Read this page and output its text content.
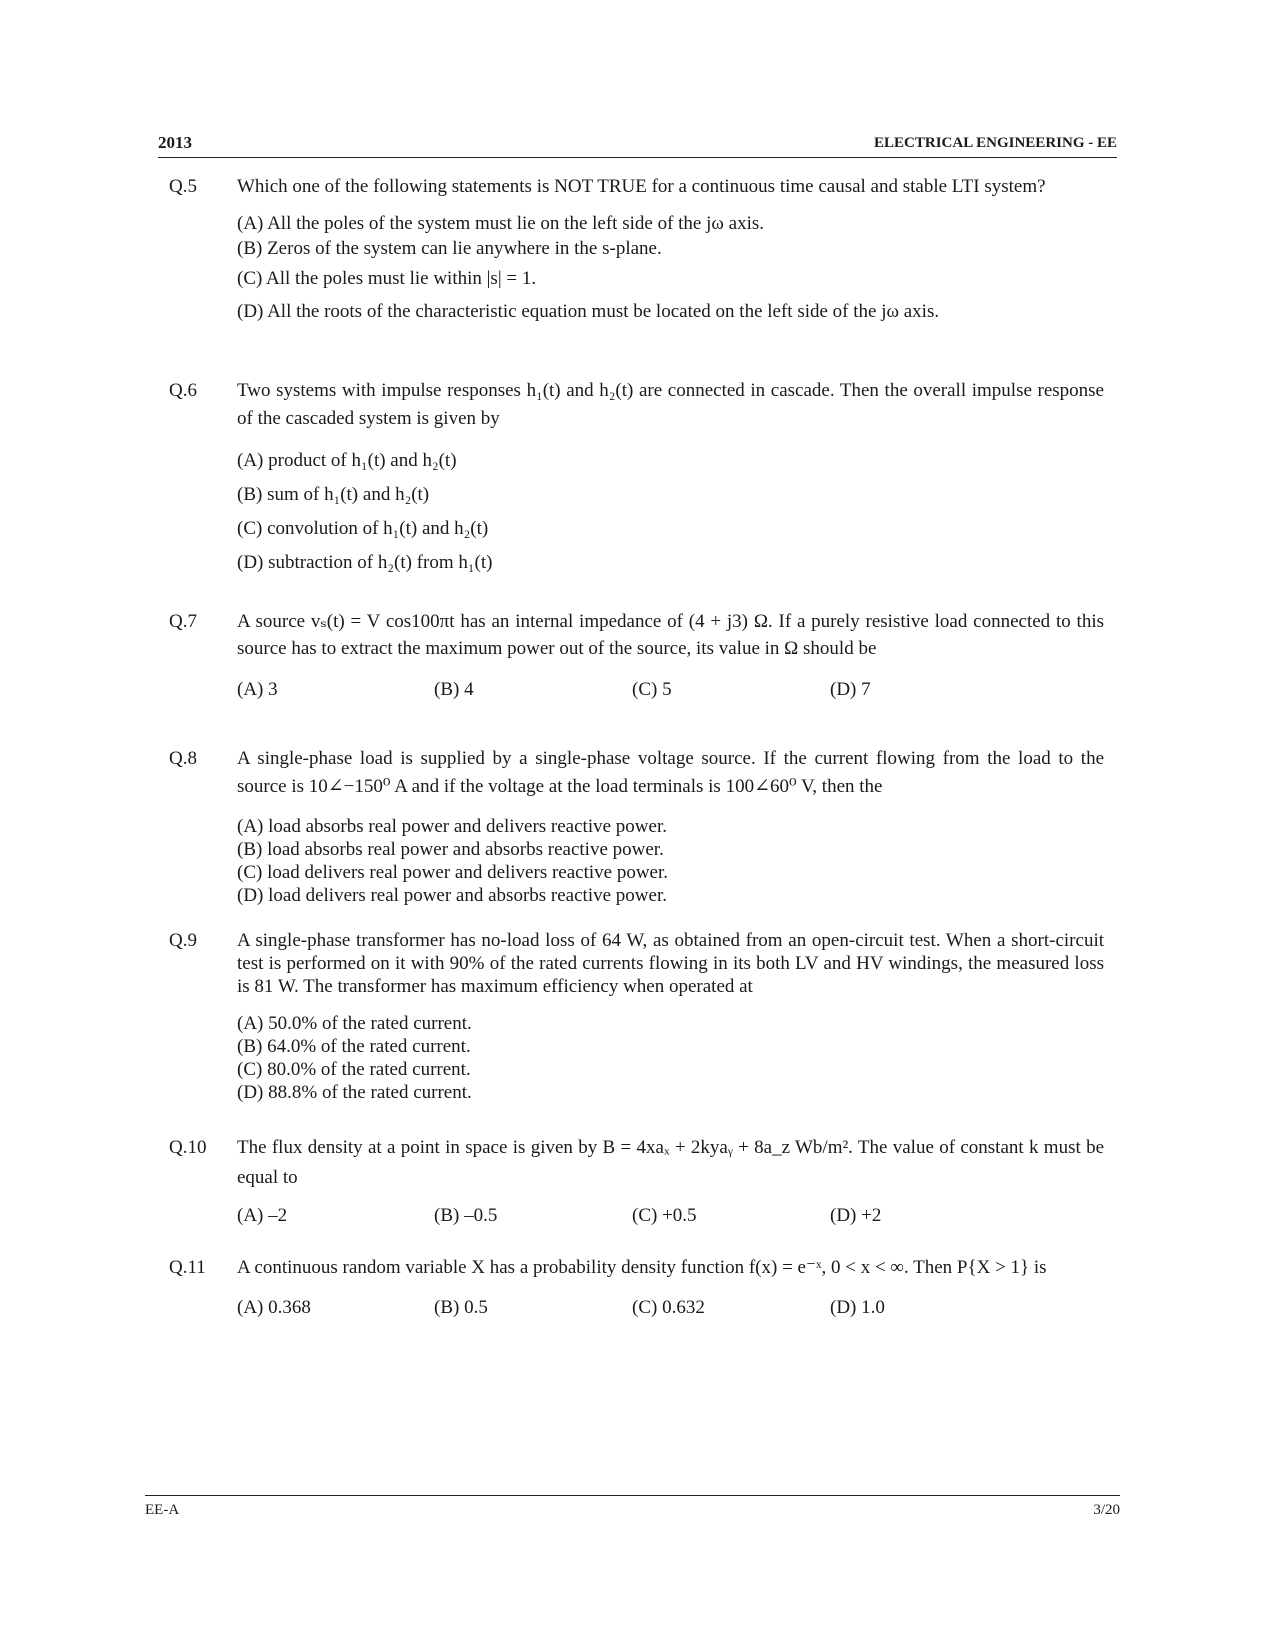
2013	ELECTRICAL ENGINEERING - EE
Q.5 Which one of the following statements is NOT TRUE for a continuous time causal and stable LTI system?
(A) All the poles of the system must lie on the left side of the jω axis.
(B) Zeros of the system can lie anywhere in the s-plane.
(C) All the poles must lie within |s| = 1.
(D) All the roots of the characteristic equation must be located on the left side of the jω axis.
Q.6 Two systems with impulse responses h₁(t) and h₂(t) are connected in cascade. Then the overall impulse response of the cascaded system is given by
(A) product of h₁(t) and h₂(t)
(B) sum of h₁(t) and h₂(t)
(C) convolution of h₁(t) and h₂(t)
(D) subtraction of h₂(t) from h₁(t)
Q.7 A source vₛ(t) = V cos100πt has an internal impedance of (4 + j3) Ω. If a purely resistive load connected to this source has to extract the maximum power out of the source, its value in Ω should be
(A) 3	(B) 4	(C) 5	(D) 7
Q.8 A single-phase load is supplied by a single-phase voltage source. If the current flowing from the load to the source is 10∠−150⁰ A and if the voltage at the load terminals is 100∠60⁰ V, then the
(A) load absorbs real power and delivers reactive power.
(B) load absorbs real power and absorbs reactive power.
(C) load delivers real power and delivers reactive power.
(D) load delivers real power and absorbs reactive power.
Q.9 A single-phase transformer has no-load loss of 64 W, as obtained from an open-circuit test. When a short-circuit test is performed on it with 90% of the rated currents flowing in its both LV and HV windings, the measured loss is 81 W. The transformer has maximum efficiency when operated at
(A) 50.0% of the rated current.
(B) 64.0% of the rated current.
(C) 80.0% of the rated current.
(D) 88.8% of the rated current.
Q.10 The flux density at a point in space is given by B = 4xaₓ + 2kyaᵧ + 8a_z Wb/m². The value of constant k must be equal to
(A) –2	(B) –0.5	(C) +0.5	(D) +2
Q.11 A continuous random variable X has a probability density function f(x) = e⁻ˣ, 0 < x < ∞. Then P{X > 1} is
(A) 0.368	(B) 0.5	(C) 0.632	(D) 1.0
EE-A	3/20
